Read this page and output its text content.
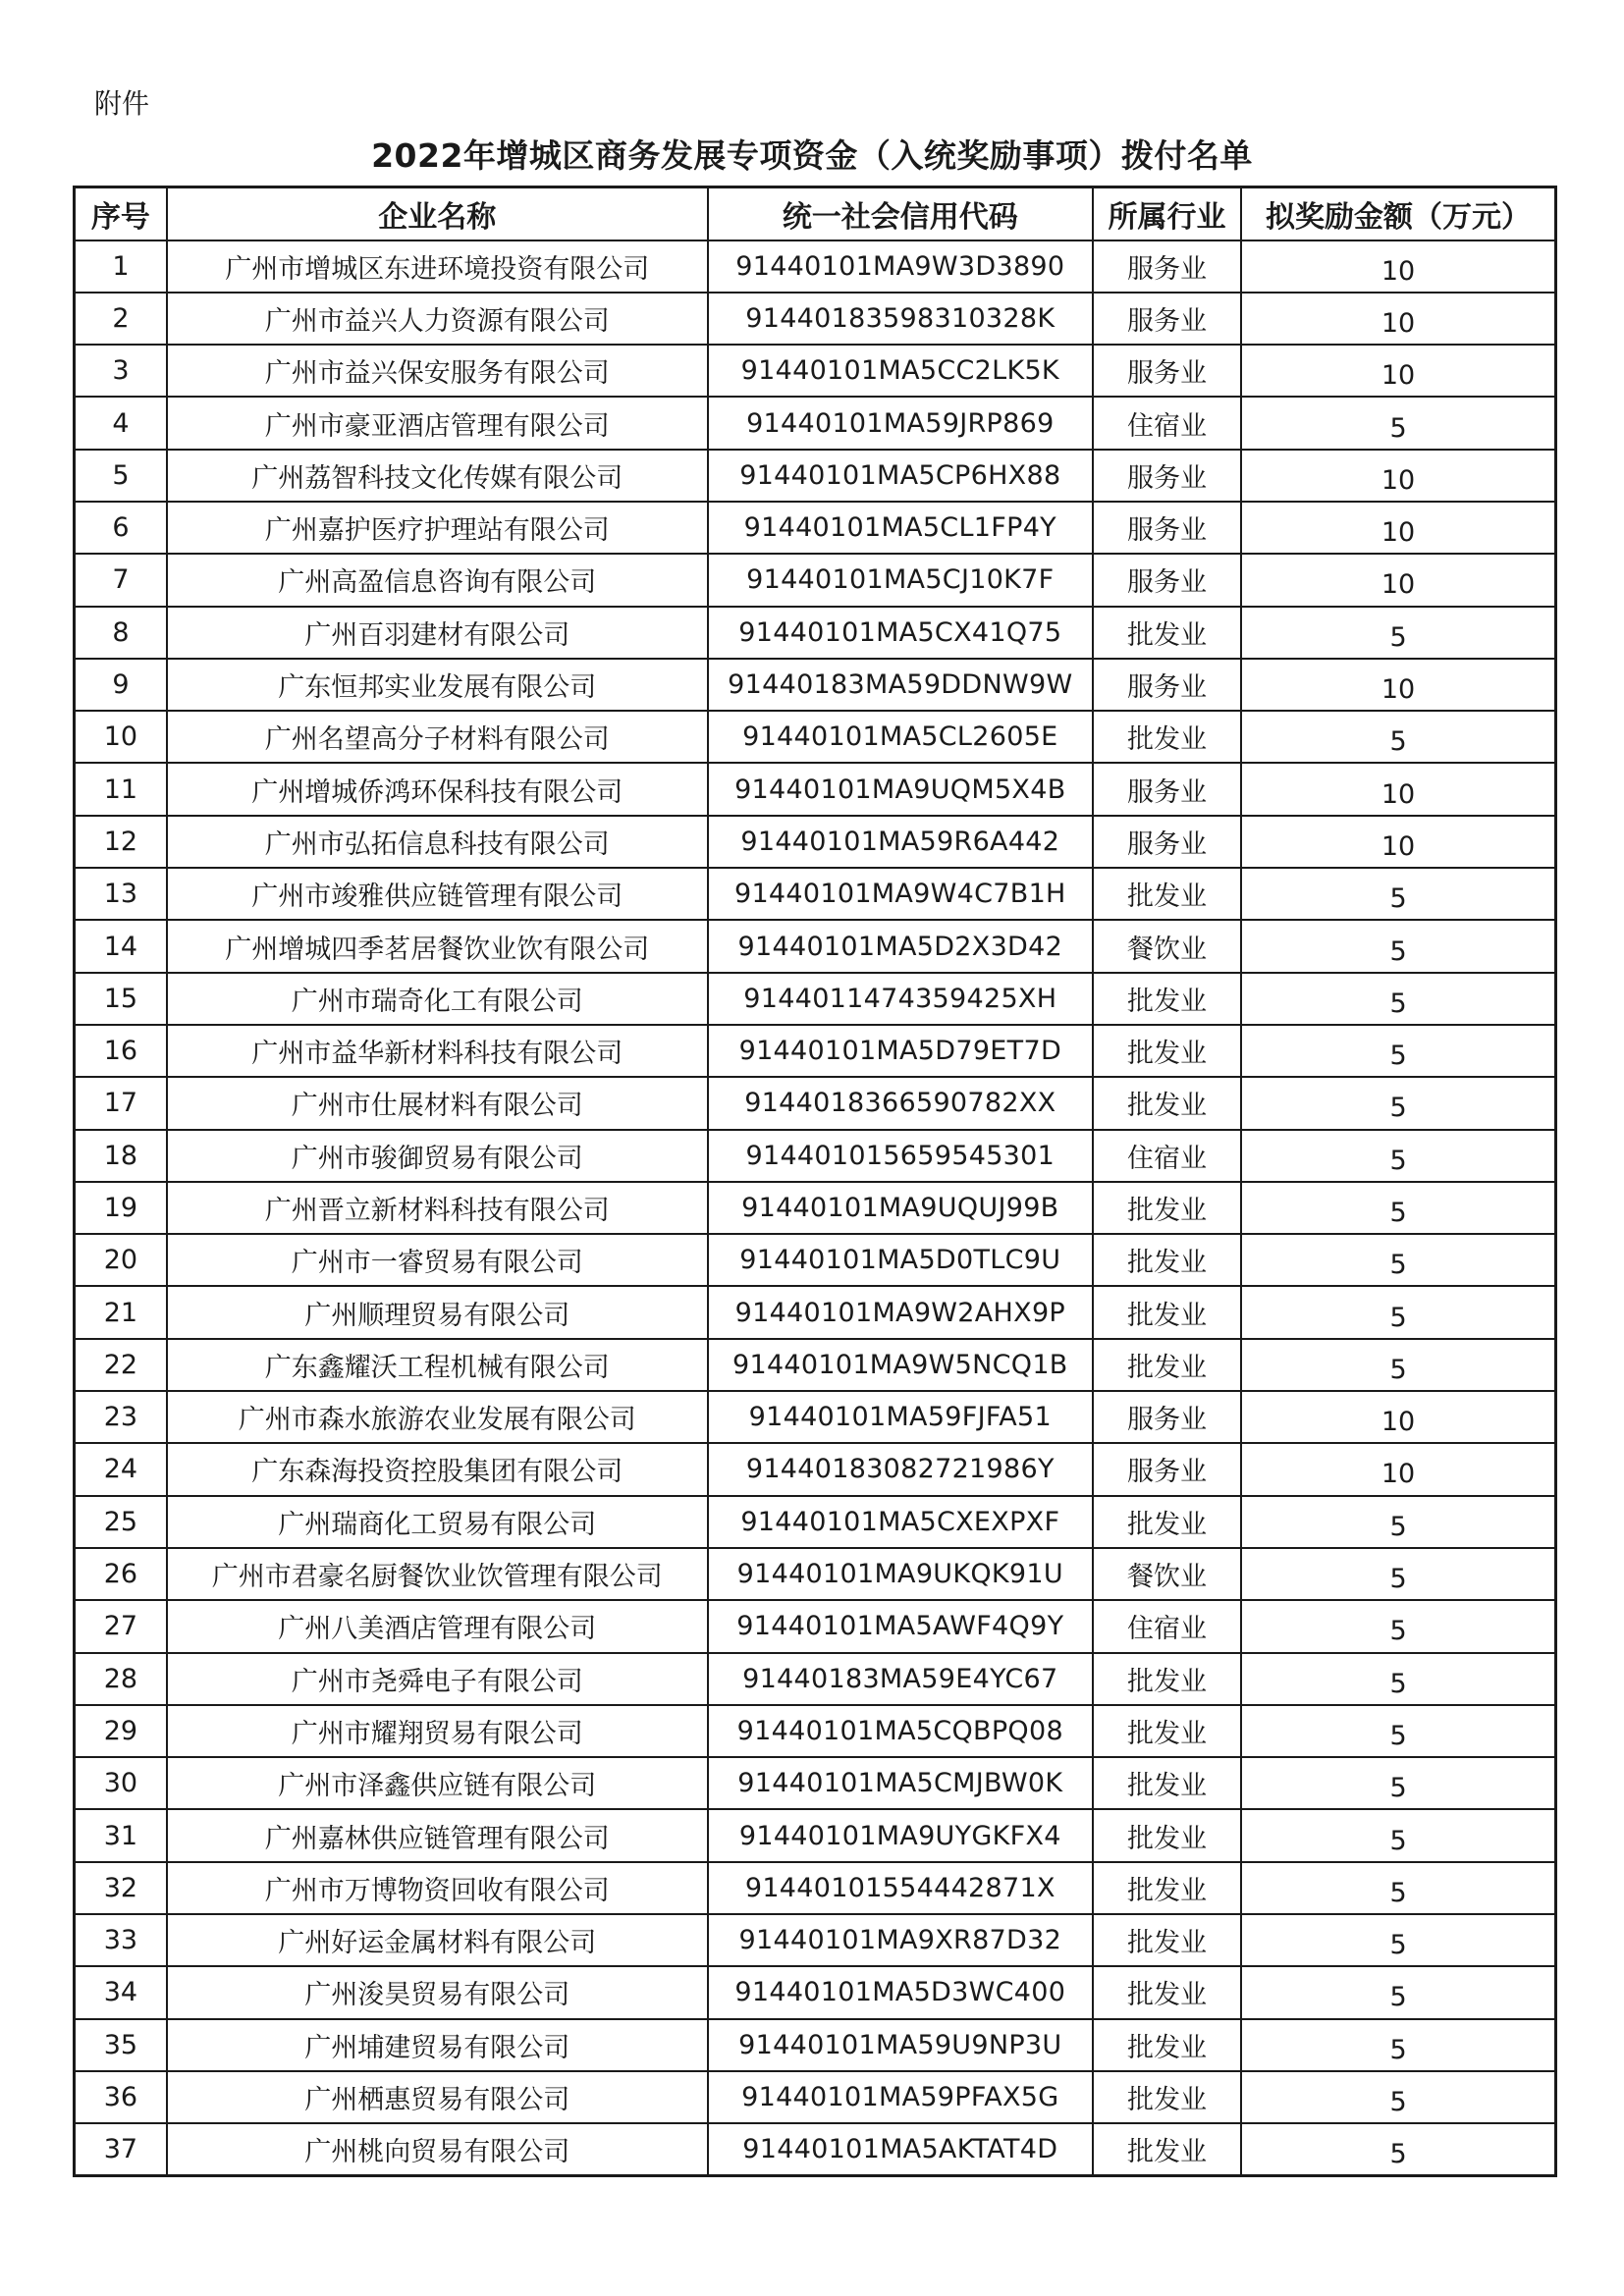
附件
2022年增城区商务发展专项资金（入统奖励事项）拨付名单
序号	企业名称	统一社会信用代码	所属行业	拟奖励金额（万元）
1	广州市增城区东进环境投资有限公司	91440101MA9W3D3890	服务业	10
2	广州市益兴人力资源有限公司	91440183598310328K	服务业	10
3	广州市益兴保安服务有限公司	91440101MA5CC2LK5K	服务业	10
4	广州市豪亚酒店管理有限公司	91440101MA59JRP869	住宿业	5
5	广州荔智科技文化传媒有限公司	91440101MA5CP6HX88	服务业	10
6	广州嘉护医疗护理站有限公司	91440101MA5CL1FP4Y	服务业	10
7	广州高盈信息咨询有限公司	91440101MA5CJ10K7F	服务业	10
8	广州百羽建材有限公司	91440101MA5CX41Q75	批发业	5
9	广东恒邦实业发展有限公司	91440183MA59DDNW9W	服务业	10
10	广州名望高分子材料有限公司	91440101MA5CL2605E	批发业	5
11	广州增城侨鸿环保科技有限公司	91440101MA9UQM5X4B	服务业	10
12	广州市弘拓信息科技有限公司	91440101MA59R6A442	服务业	10
13	广州市竣雅供应链管理有限公司	91440101MA9W4C7B1H	批发业	5
14	广州增城四季茗居餐饮业饮有限公司	91440101MA5D2X3D42	餐饮业	5
15	广州市瑞奇化工有限公司	9144011474359425XH	批发业	5
16	广州市益华新材料科技有限公司	91440101MA5D79ET7D	批发业	5
17	广州市仕展材料有限公司	9144018366590782XX	批发业	5
18	广州市骏御贸易有限公司	914401015659545301	住宿业	5
19	广州晋立新材料科技有限公司	91440101MA9UQUJ99B	批发业	5
20	广州市一睿贸易有限公司	91440101MA5D0TLC9U	批发业	5
21	广州顺理贸易有限公司	91440101MA9W2AHX9P	批发业	5
22	广东鑫耀沃工程机械有限公司	91440101MA9W5NCQ1B	批发业	5
23	广州市森水旅游农业发展有限公司	91440101MA59FJFA51	服务业	10
24	广东森海投资控股集团有限公司	91440183082721986Y	服务业	10
25	广州瑞商化工贸易有限公司	91440101MA5CXEXPXF	批发业	5
26	广州市君豪名厨餐饮业饮管理有限公司	91440101MA9UKQK91U	餐饮业	5
27	广州八美酒店管理有限公司	91440101MA5AWF4Q9Y	住宿业	5
28	广州市尧舜电子有限公司	91440183MA59E4YC67	批发业	5
29	广州市耀翔贸易有限公司	91440101MA5CQBPQ08	批发业	5
30	广州市泽鑫供应链有限公司	91440101MA5CMJBW0K	批发业	5
31	广州嘉林供应链管理有限公司	91440101MA9UYGKFX4	批发业	5
32	广州市万博物资回收有限公司	91440101554442871X	批发业	5
33	广州好运金属材料有限公司	91440101MA9XR87D32	批发业	5
34	广州浚昊贸易有限公司	91440101MA5D3WC400	批发业	5
35	广州埔建贸易有限公司	91440101MA59U9NP3U	批发业	5
36	广州栖惠贸易有限公司	91440101MA59PFAX5G	批发业	5
37	广州桃向贸易有限公司	91440101MA5AKTAT4D	批发业	5
